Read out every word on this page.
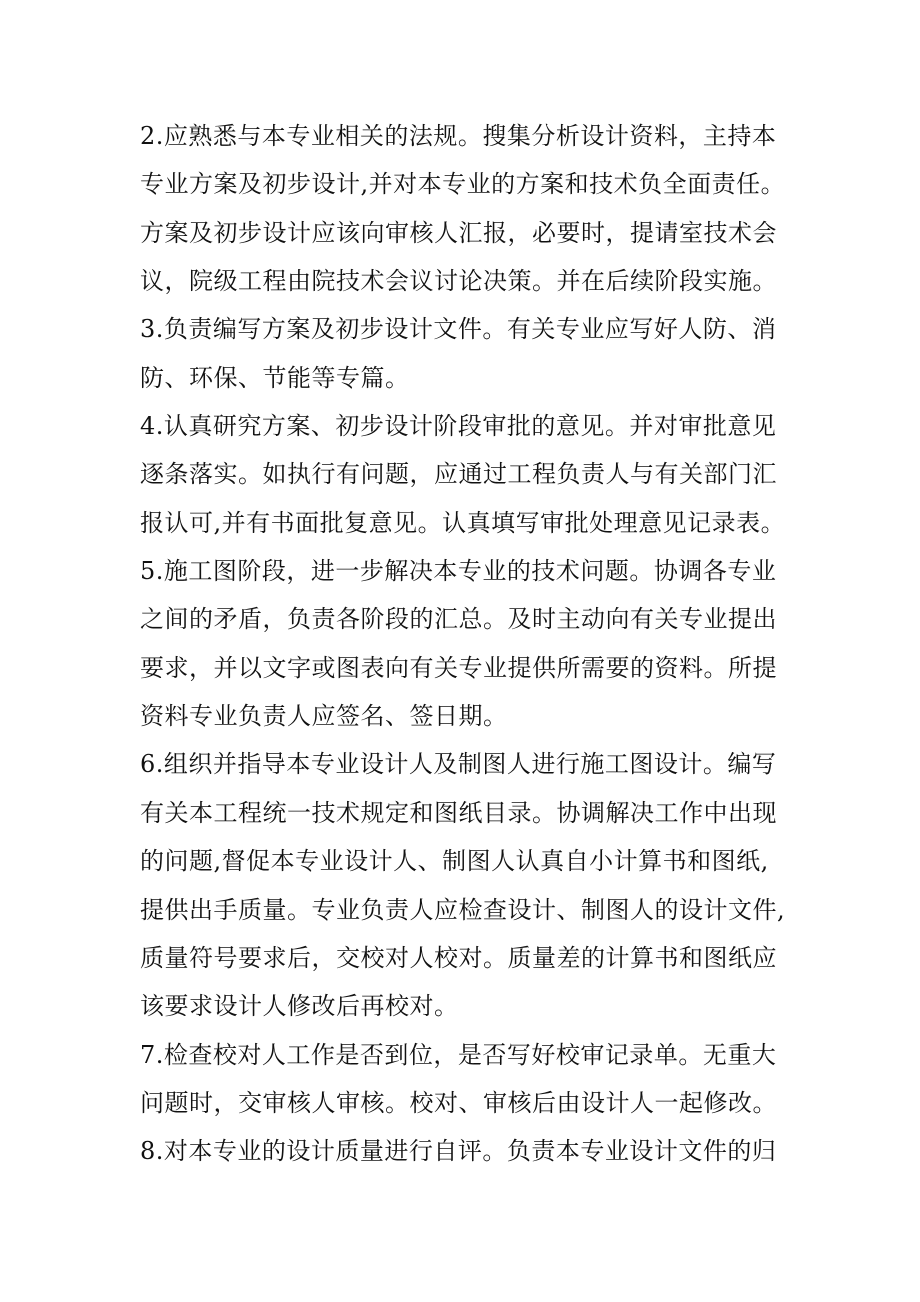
2.应熟悉与本专业相关的法规。搜集分析设计资料，主持本
专业方案及初步设计,并对本专业的方案和技术负全面责任。
方案及初步设计应该向审核人汇报，必要时，提请室技术会
议，院级工程由院技术会议讨论决策。并在后续阶段实施。
3.负责编写方案及初步设计文件。有关专业应写好人防、消
防、环保、节能等专篇。
4.认真研究方案、初步设计阶段审批的意见。并对审批意见
逐条落实。如执行有问题，应通过工程负责人与有关部门汇
报认可,并有书面批复意见。认真填写审批处理意见记录表。
5.施工图阶段，进一步解决本专业的技术问题。协调各专业
之间的矛盾，负责各阶段的汇总。及时主动向有关专业提出
要求，并以文字或图表向有关专业提供所需要的资料。所提
资料专业负责人应签名、签日期。
6.组织并指导本专业设计人及制图人进行施工图设计。编写
有关本工程统一技术规定和图纸目录。协调解决工作中出现
的问题,督促本专业设计人、制图人认真自小计算书和图纸,
提供出手质量。专业负责人应检查设计、制图人的设计文件,
质量符号要求后，交校对人校对。质量差的计算书和图纸应
该要求设计人修改后再校对。
7.检查校对人工作是否到位，是否写好校审记录单。无重大
问题时，交审核人审核。校对、审核后由设计人一起修改。
8.对本专业的设计质量进行自评。负责本专业设计文件的归
